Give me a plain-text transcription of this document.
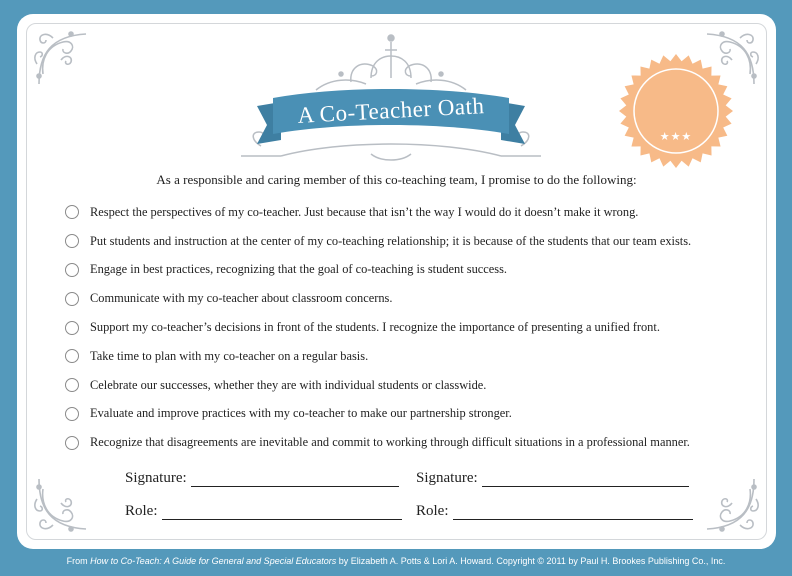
A Co-Teacher Oath
★★★
As a responsible and caring member of this co-teaching team, I promise to do the following:
Respect the perspectives of my co-teacher. Just because that isn’t the way I would do it doesn’t make it wrong.
Put students and instruction at the center of my co-teaching relationship; it is because of the students that our team exists.
Engage in best practices, recognizing that the goal of co-teaching is student success.
Communicate with my co-teacher about classroom concerns.
Support my co-teacher’s decisions in front of the students. I recognize the importance of presenting a unified front.
Take time to plan with my co-teacher on a regular basis.
Celebrate our successes, whether they are with individual students or classwide.
Evaluate and improve practices with my co-teacher to make our partnership stronger.
Recognize that disagreements are inevitable and commit to working through difficult situations in a professional manner.
Signature:	Signature:
Role:	Role:
From How to Co-Teach: A Guide for General and Special Educators by Elizabeth A. Potts & Lori A. Howard. Copyright © 2011 by Paul H. Brookes Publishing Co., Inc.
